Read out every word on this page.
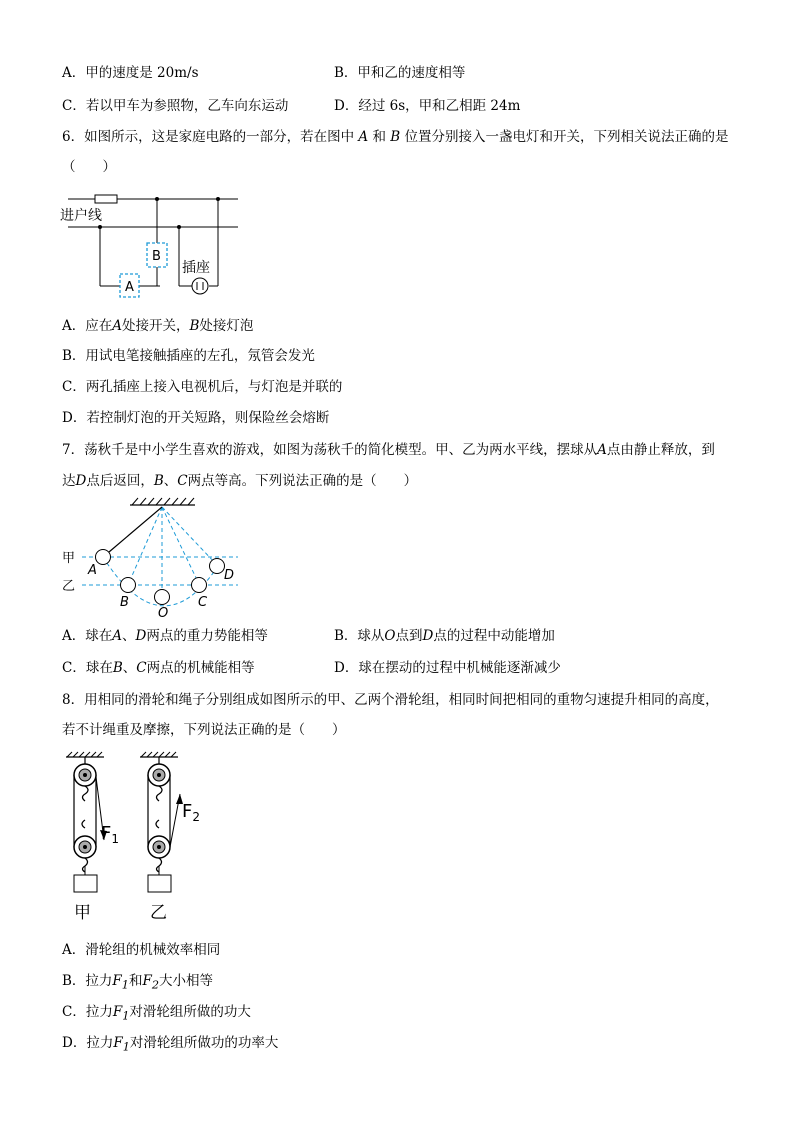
A．甲的速度是 20m/s	B．甲和乙的速度相等
C．若以甲车为参照物，乙车向东运动	D．经过 6s，甲和乙相距 24m
6．如图所示，这是家庭电路的一部分，若在图中 A 和 B 位置分别接入一盏电灯和开关，下列相关说法正确的是
（　　）
进户线
A
B
插座
A．应在A处接开关，B处接灯泡
B．用试电笔接触插座的左孔，氖管会发光
C．两孔插座上接入电视机后，与灯泡是并联的
D．若控制灯泡的开关短路，则保险丝会熔断
7．荡秋千是中小学生喜欢的游戏，如图为荡秋千的简化模型。甲、乙为两水平线，摆球从A点由静止释放，到
达D点后返回，B、C两点等高。下列说法正确的是（　　）
甲
乙
A
B
O
C
D
A．球在A、D两点的重力势能相等	B．球从O点到D点的过程中动能增加
C．球在B、C两点的机械能相等	D．球在摆动的过程中机械能逐渐减少
8．用相同的滑轮和绳子分别组成如图所示的甲、乙两个滑轮组，相同时间把相同的重物匀速提升相同的高度，
若不计绳重及摩擦，下列说法正确的是（　　）
$F_1$
甲
$F_2$
乙
A．滑轮组的机械效率相同
B．拉力$F_1$和$F_2$大小相等
C．拉力$F_1$对滑轮组所做的功大
D．拉力$F_1$对滑轮组所做功的功率大
